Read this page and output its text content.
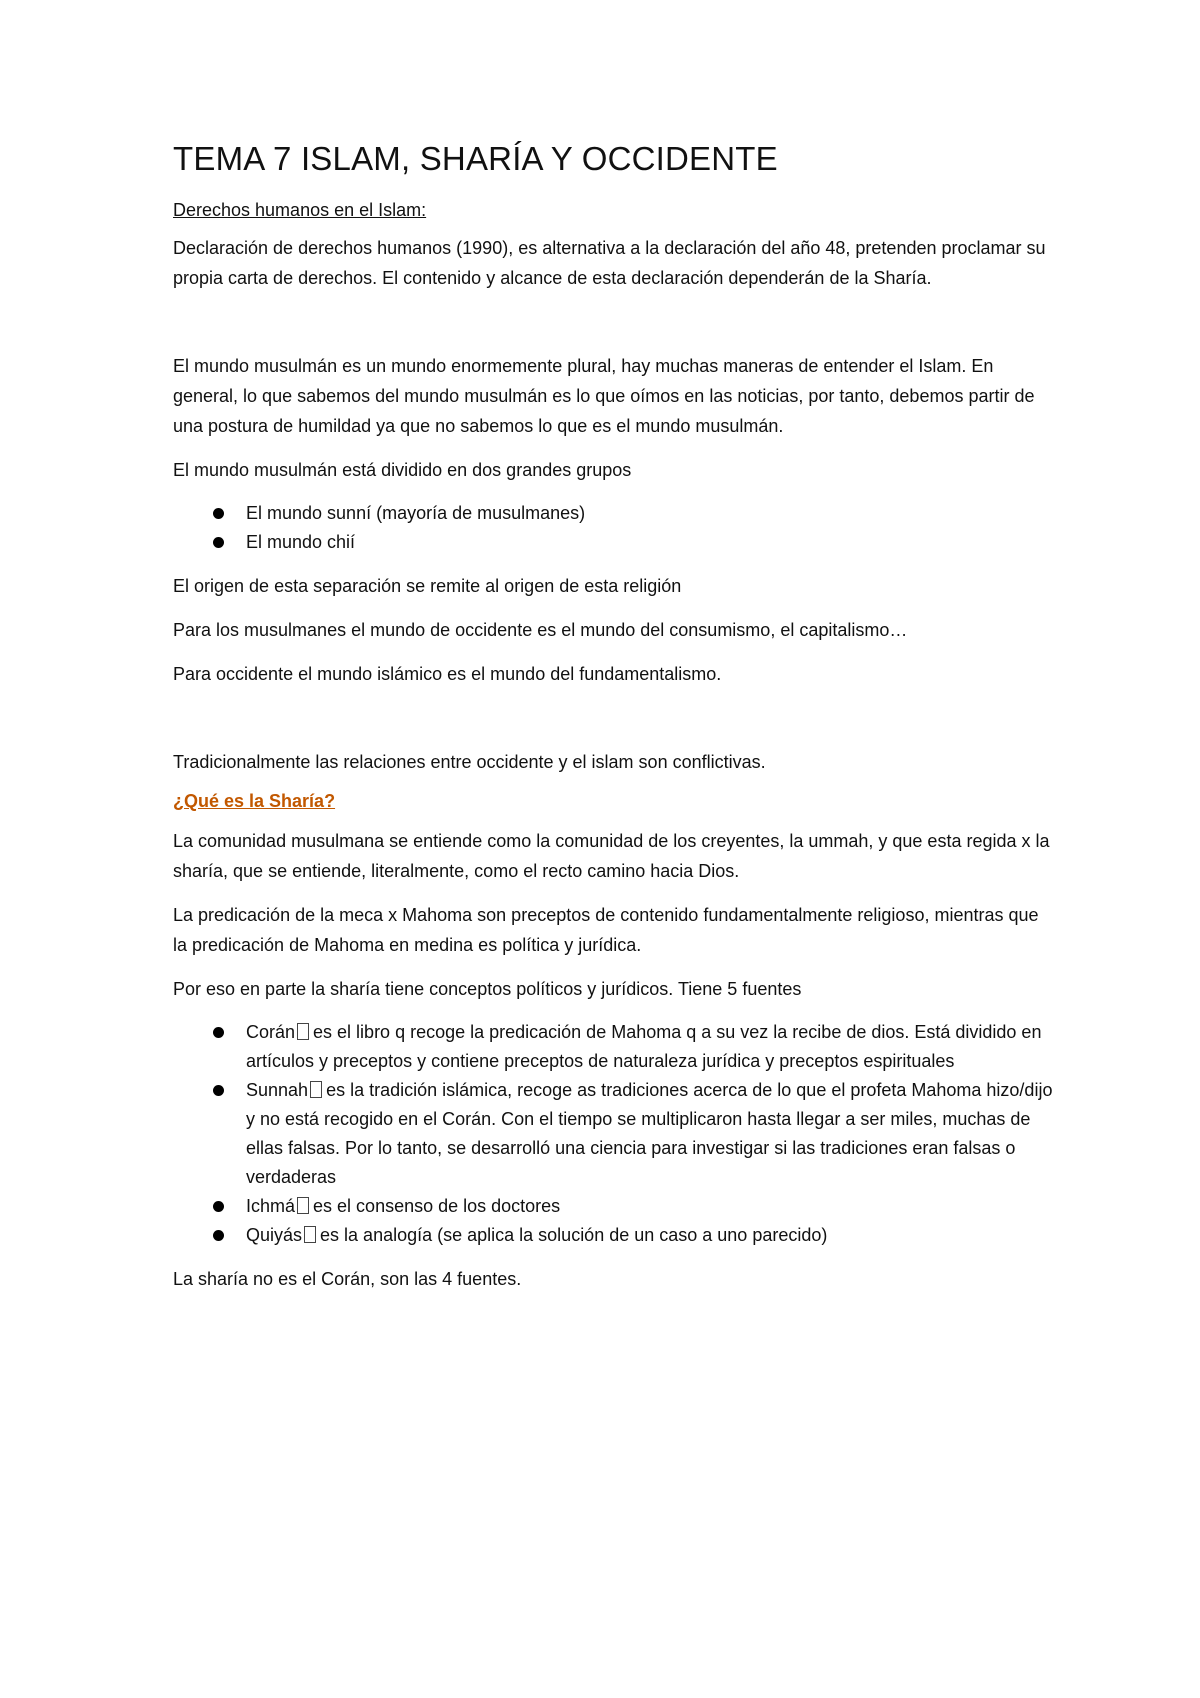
TEMA 7 ISLAM, SHARÍA Y OCCIDENTE
Derechos humanos en el Islam:

Declaración de derechos humanos (1990), es alternativa a la declaración del año 48, pretenden proclamar su propia carta de derechos. El contenido y alcance de esta declaración dependerán de la Sharía.

El mundo musulmán es un mundo enormemente plural, hay muchas maneras de entender el Islam. En general, lo que sabemos del mundo musulmán es lo que oímos en las noticias, por tanto, debemos partir de una postura de humildad ya que no sabemos lo que es el mundo musulmán.

El mundo musulmán está dividido en dos grandes grupos

El mundo sunní (mayoría de musulmanes)
El mundo chií

El origen de esta separación se remite al origen de esta religión

Para los musulmanes el mundo de occidente es el mundo del consumismo, el capitalismo…

Para occidente el mundo islámico es el mundo del fundamentalismo.

Tradicionalmente las relaciones entre occidente y el islam son conflictivas.

¿Qué es la Sharía?

La comunidad musulmana se entiende como la comunidad de los creyentes, la ummah, y que esta regida x la sharía, que se entiende, literalmente, como el recto camino hacia Dios.

La predicación de la meca x Mahoma son preceptos de contenido fundamentalmente religioso, mientras que la predicación de Mahoma en medina es política y jurídica.

Por eso en parte la sharía tiene conceptos políticos y jurídicos. Tiene 5 fuentes

Corán es el libro q recoge la predicación de Mahoma q a su vez la recibe de dios. Está dividido en artículos y preceptos y contiene preceptos de naturaleza jurídica y preceptos espirituales
Sunnah es la tradición islámica, recoge as tradiciones acerca de lo que el profeta Mahoma hizo/dijo y no está recogido en el Corán. Con el tiempo se multiplicaron hasta llegar a ser miles, muchas de ellas falsas. Por lo tanto, se desarrolló una ciencia para investigar si las tradiciones eran falsas o verdaderas
Ichmá es el consenso de los doctores
Quiyás es la analogía (se aplica la solución de un caso a uno parecido)

La sharía no es el Corán, son las 4 fuentes.
